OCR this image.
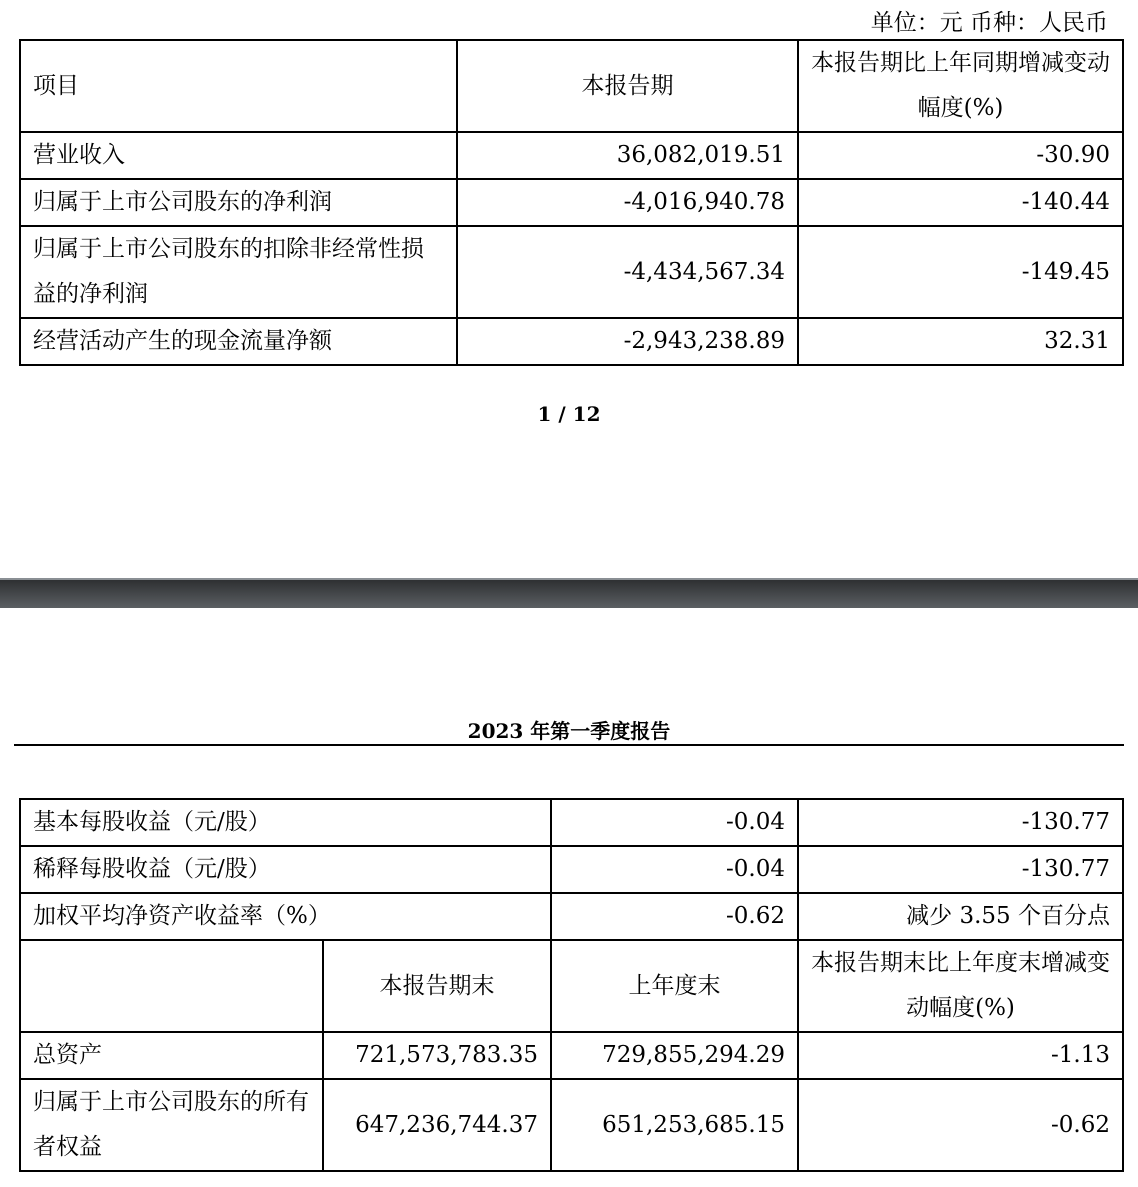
单位：元 币种：人民币
项目	本报告期	本报告期比上年同期增减变动幅度(%)
营业收入	36,082,019.51	-30.90
归属于上市公司股东的净利润	-4,016,940.78	-140.44
归属于上市公司股东的扣除非经常性损益的净利润	-4,434,567.34	-149.45
经营活动产生的现金流量净额	-2,943,238.89	32.31
1 / 12
2023 年第一季度报告
基本每股收益（元/股）		-0.04	-130.77
稀释每股收益（元/股）		-0.04	-130.77
加权平均净资产收益率（%）		-0.62	减少 3.55 个百分点
	本报告期末	上年度末	本报告期末比上年度末增减变动幅度(%)
总资产	721,573,783.35	729,855,294.29	-1.13
归属于上市公司股东的所有者权益	647,236,744.37	651,253,685.15	-0.62
